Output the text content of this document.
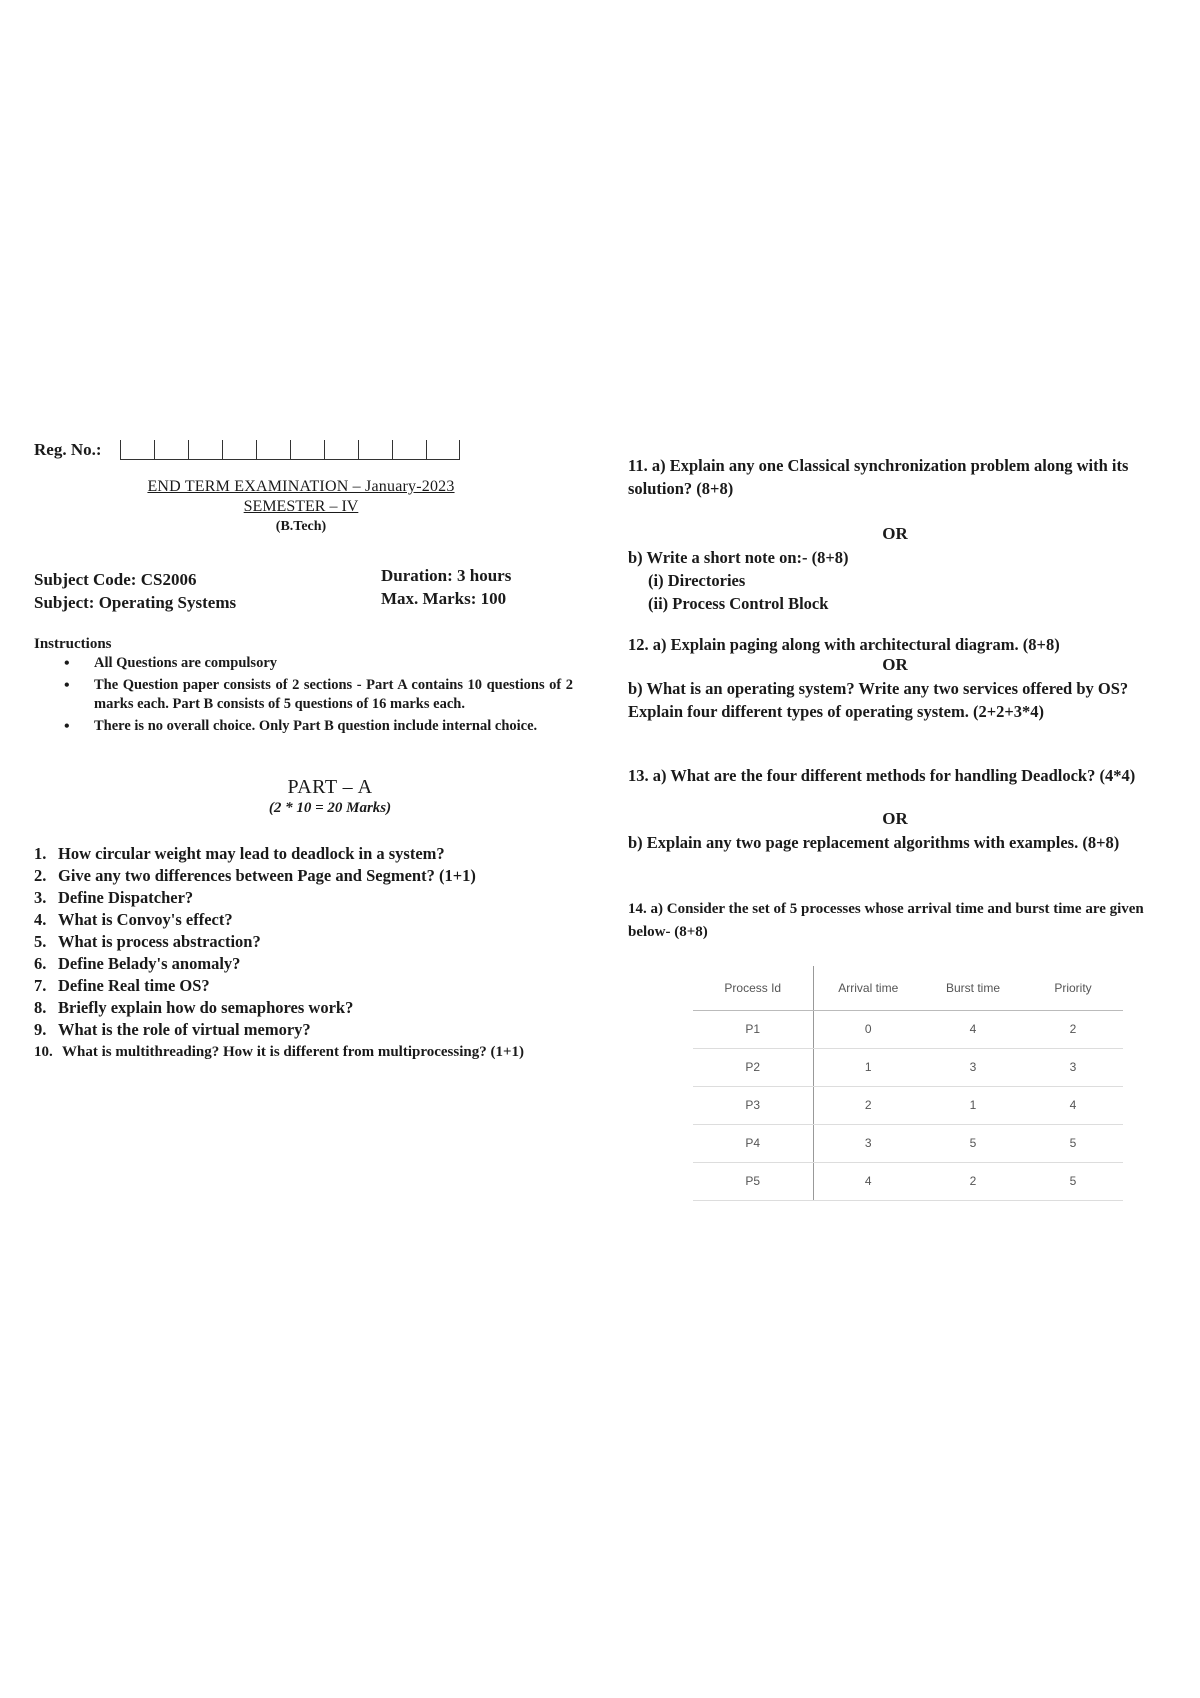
Reg. No.:
END TERM EXAMINATION – January-2023
SEMESTER – IV
(B.Tech)
Subject Code: CS2006
Subject: Operating Systems
Duration: 3 hours
Max. Marks: 100
Instructions
• All Questions are compulsory
• The Question paper consists of 2 sections - Part A contains 10 questions of 2 marks each. Part B consists of 5 questions of 16 marks each.
• There is no overall choice. Only Part B question include internal choice.
PART – A
(2 * 10 = 20 Marks)
1. How circular weight may lead to deadlock in a system?
2. Give any two differences between Page and Segment? (1+1)
3. Define Dispatcher?
4. What is Convoy's effect?
5. What is process abstraction?
6. Define Belady's anomaly?
7. Define Real time OS?
8. Briefly explain how do semaphores work?
9. What is the role of virtual memory?
10. What is multithreading? How it is different from multiprocessing? (1+1)
11. a) Explain any one Classical synchronization problem along with its solution? (8+8)
OR
b) Write a short note on:- (8+8)
(i) Directories
(ii) Process Control Block
12. a) Explain paging along with architectural diagram. (8+8)
OR
b) What is an operating system? Write any two services offered by OS? Explain four different types of operating system. (2+2+3*4)
13. a) What are the four different methods for handling Deadlock? (4*4)
OR
b) Explain any two page replacement algorithms with examples. (8+8)
14. a) Consider the set of 5 processes whose arrival time and burst time are given below- (8+8)
Process Id	Arrival time	Burst time	Priority
P1	0	4	2
P2	1	3	3
P3	2	1	4
P4	3	5	5
P5	4	2	5
